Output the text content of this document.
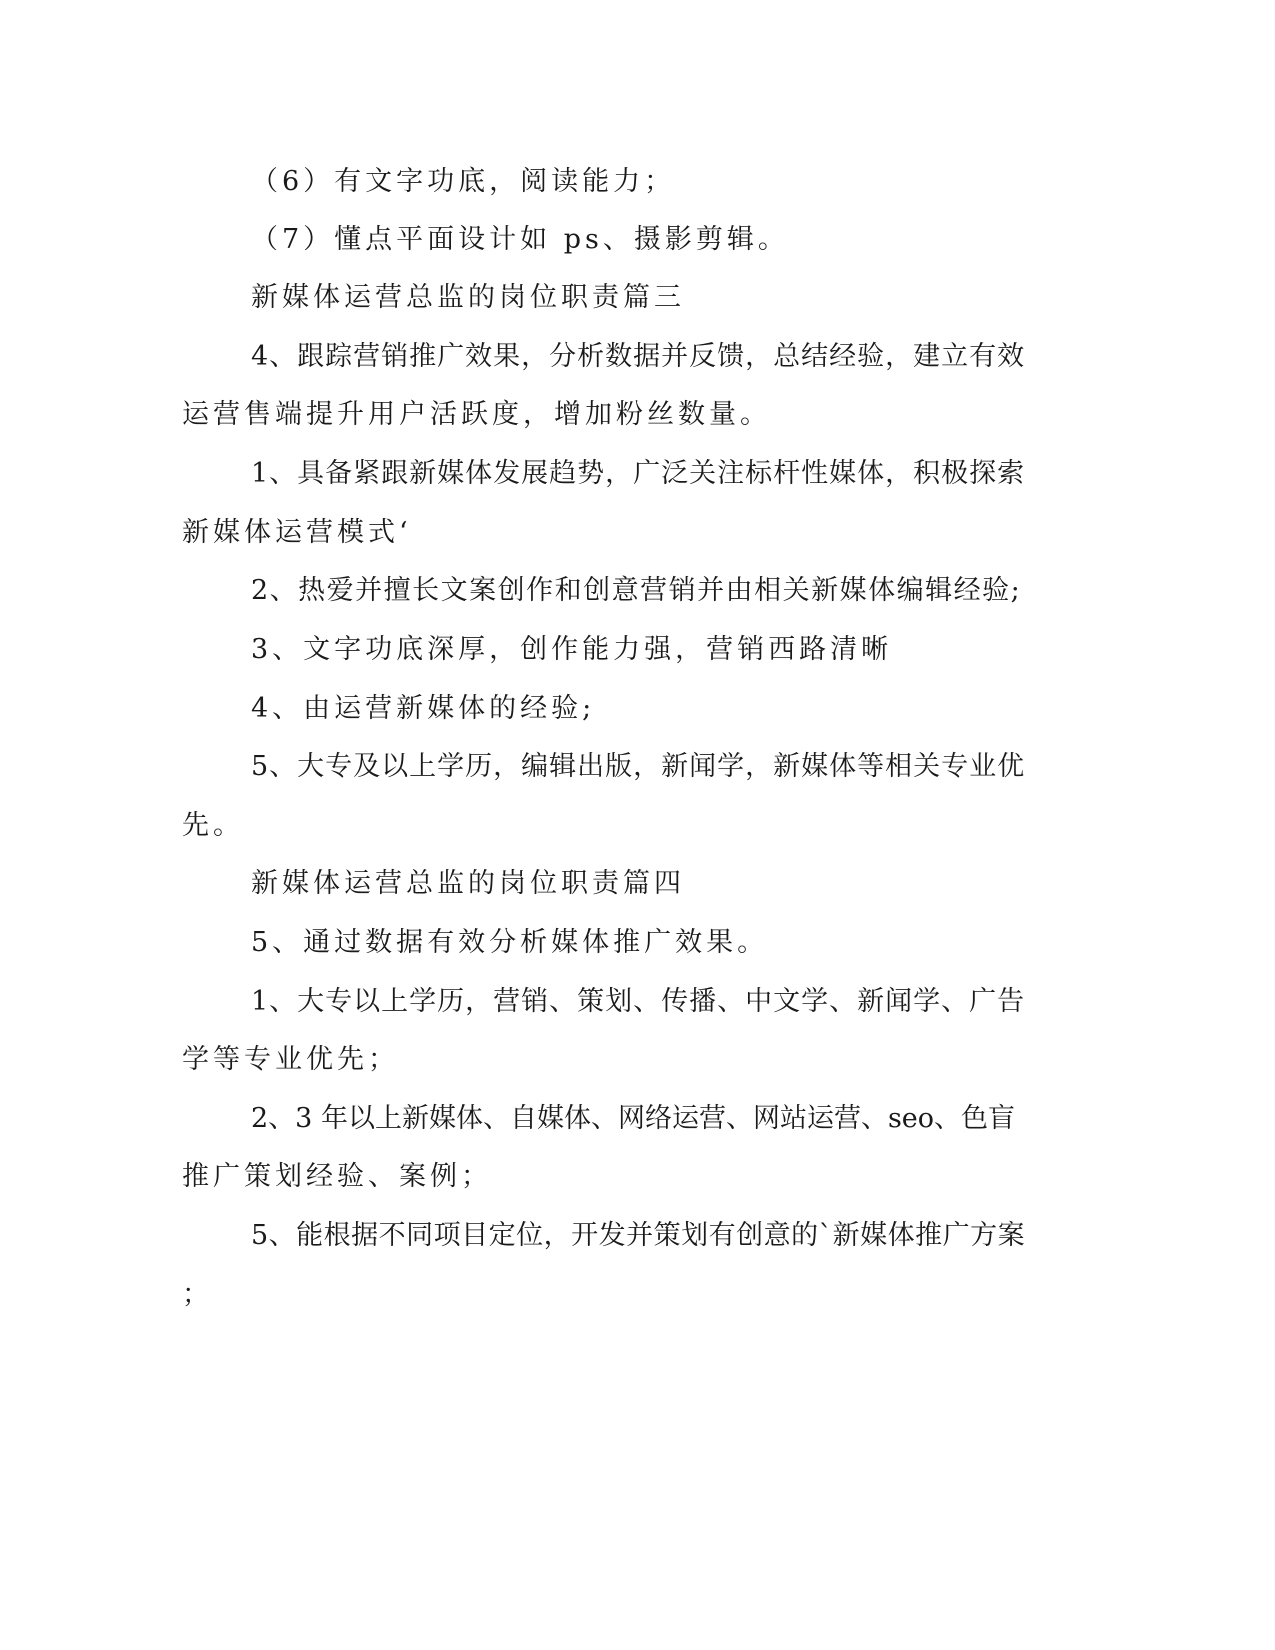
（6）有文字功底，阅读能力；
（7）懂点平面设计如 ps、摄影剪辑。
新媒体运营总监的岗位职责篇三
4、跟踪营销推广效果，分析数据并反馈，总结经验，建立有效
运营售端提升用户活跃度，增加粉丝数量。
1、具备紧跟新媒体发展趋势，广泛关注标杆性媒体，积极探索
新媒体运营模式‘
2、热爱并擅长文案创作和创意营销并由相关新媒体编辑经验;
3、文字功底深厚，创作能力强，营销西路清晰
4、由运营新媒体的经验;
5、大专及以上学历，编辑出版，新闻学，新媒体等相关专业优
先。
新媒体运营总监的岗位职责篇四
5、通过数据有效分析媒体推广效果。
1、大专以上学历，营销、策划、传播、中文学、新闻学、广告
学等专业优先；
2、3 年以上新媒体、自媒体、网络运营、网站运营、seo、色盲
推广策划经验、案例；
5、能根据不同项目定位，开发并策划有创意的`新媒体推广方案
；
